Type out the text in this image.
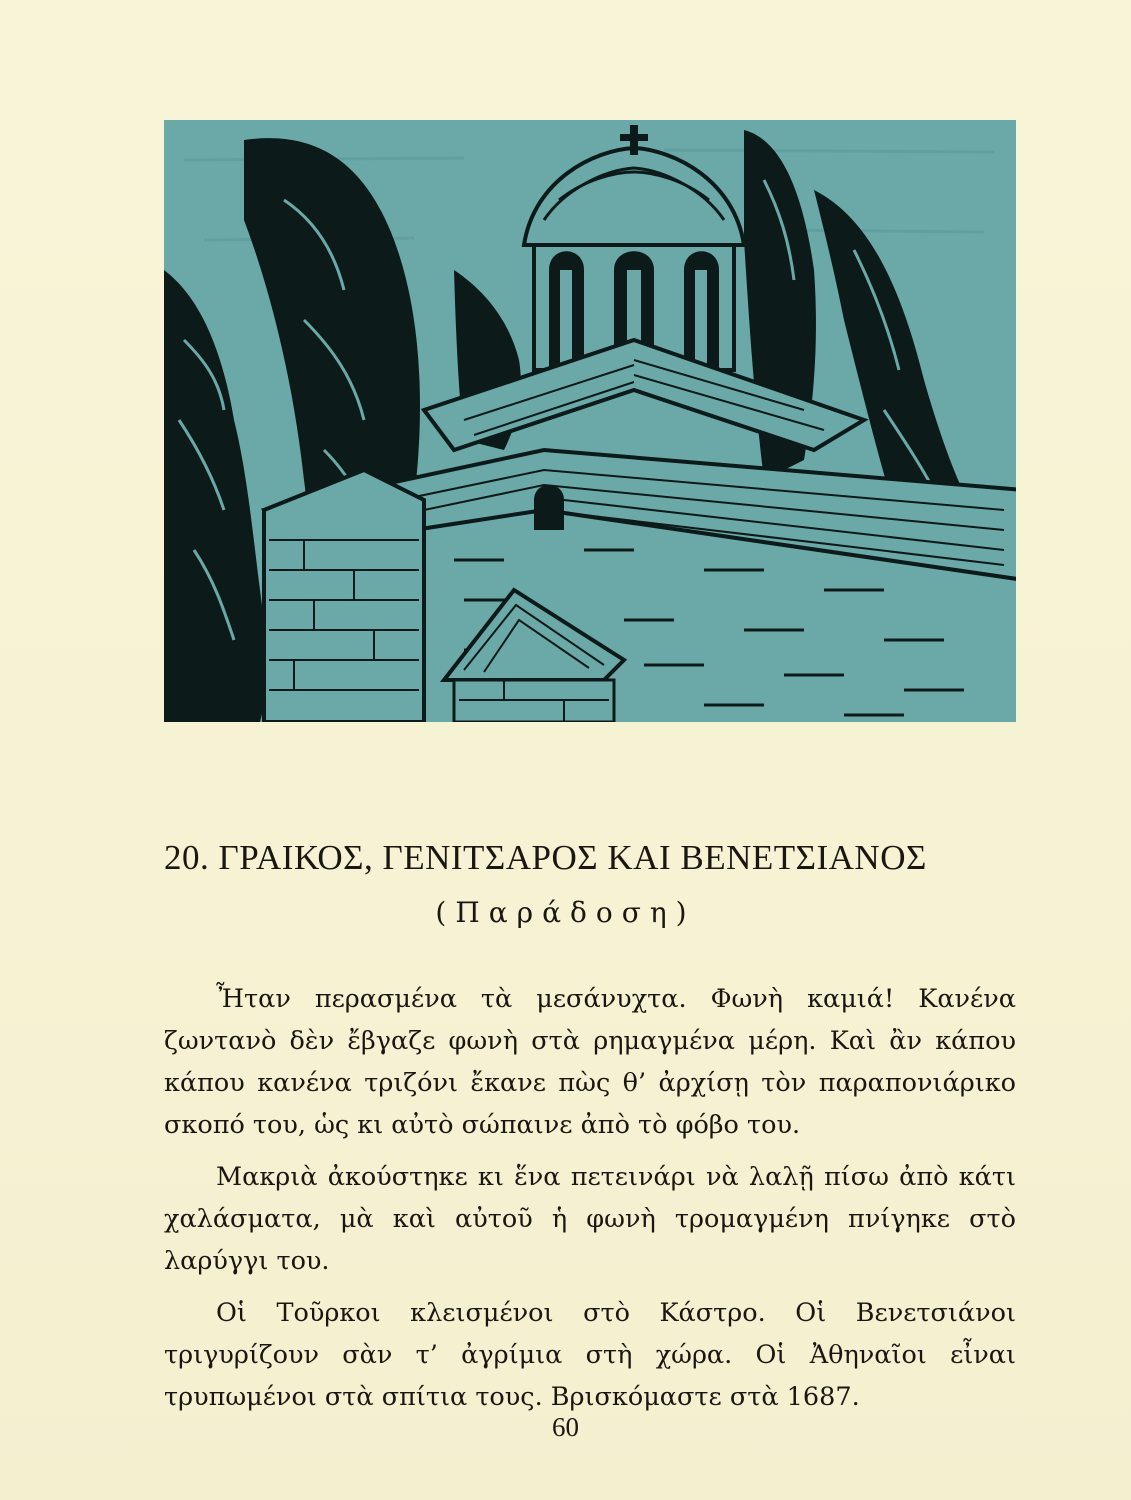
20. ΓΡΑΙΚΟΣ, ΓΕΝΙΤΣΑΡΟΣ ΚΑΙ ΒΕΝΕΤΣΙΑΝΟΣ
(Παράδοση)

Ἦταν περασμένα τὰ μεσάνυχτα. Φωνὴ καμιά! Κανένα ζωντανὸ δὲν ἔβγαζε φωνὴ στὰ ρημαγμένα μέρη. Καὶ ἂν κάπου κάπου κανένα τριζόνι ἔκανε πὼς θ’ ἀρχίσῃ τὸν παραπονιάρικο σκοπό του, ὡς κι αὐτὸ σώπαινε ἀπὸ τὸ φόβο του.

Μακριὰ ἀκούστηκε κι ἕνα πετεινάρι νὰ λαλῇ πίσω ἀπὸ κάτι χαλάσματα, μὰ καὶ αὐτοῦ ἡ φωνὴ τρομαγμένη πνίγηκε στὸ λαρύγγι του.

Οἱ Τοῦρκοι κλεισμένοι στὸ Κάστρο. Οἱ Βενετσιάνοι τριγυρίζουν σὰν τ’ ἀγρίμια στὴ χώρα. Οἱ Ἀθηναῖοι εἶναι τρυπωμένοι στὰ σπίτια τους. Βρισκόμαστε στὰ 1687.

60
